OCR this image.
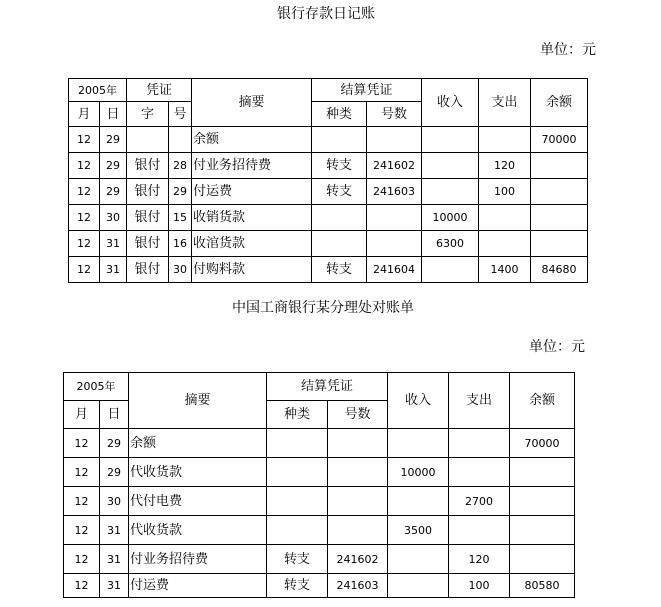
银行存款日记账
单位：元
2005年		凭证		摘要	结算凭证		收入	支出	余额
月	日	字	号		种类	号数			
12	29			余额					70000
12	29	银付	28	付业务招待费	转支	241602		120	
12	29	银付	29	付运费	转支	241603		100	
12	30	银付	15	收销货款			10000		
12	31	银付	16	收涫货款			6300		
12	31	银付	30	付购料款	转支	241604		1400	84680
中国工商银行某分理处对账单
单位：元
2005年		摘要	结算凭证		收入	支出	余额
月	日		种类	号数			
12	29	余额					70000
12	29	代收货款			10000		
12	30	代付电费				2700	
12	31	代收货款			3500		
12	31	付业务招待费	转支	241602		120	
12	31	付运费	转支	241603		100	80580
